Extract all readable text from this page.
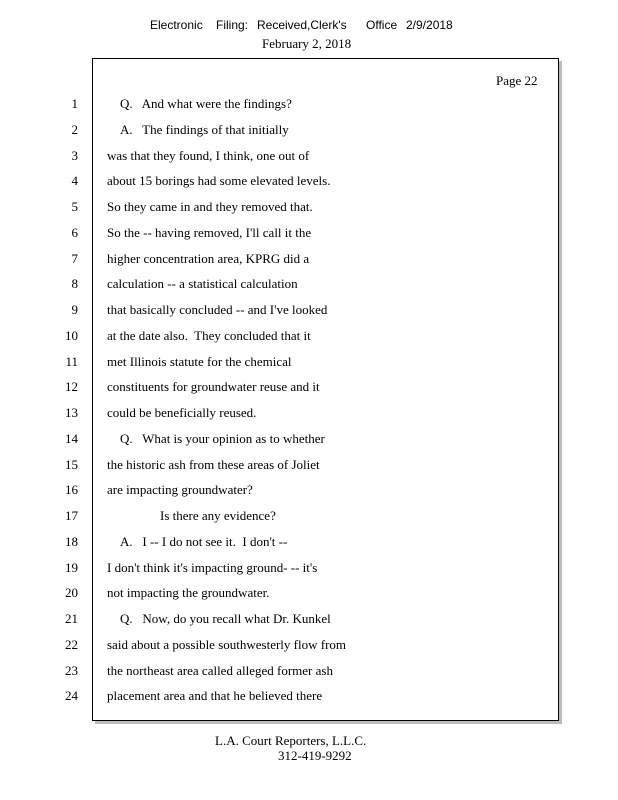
Electronic Filing: Received,Clerk's Office 2/9/2018
February 2, 2018
Page 22
1	Q.   And what were the findings?
2	A.   The findings of that initially
3 was that they found, I think, one out of
4 about 15 borings had some elevated levels.
5 So they came in and they removed that.
6 So the -- having removed, I'll call it the
7 higher concentration area, KPRG did a
8 calculation -- a statistical calculation
9 that basically concluded -- and I've looked
10 at the date also.  They concluded that it
11 met Illinois statute for the chemical
12 constituents for groundwater reuse and it
13 could be beneficially reused.
14	Q.   What is your opinion as to whether
15 the historic ash from these areas of Joliet
16 are impacting groundwater?
17	Is there any evidence?
18	A.   I -- I do not see it.  I don't --
19 I don't think it's impacting ground- -- it's
20 not impacting the groundwater.
21	Q.   Now, do you recall what Dr. Kunkel
22 said about a possible southwesterly flow from
23 the northeast area called alleged former ash
24 placement area and that he believed there
L.A. Court Reporters, L.L.C.
312-419-9292
